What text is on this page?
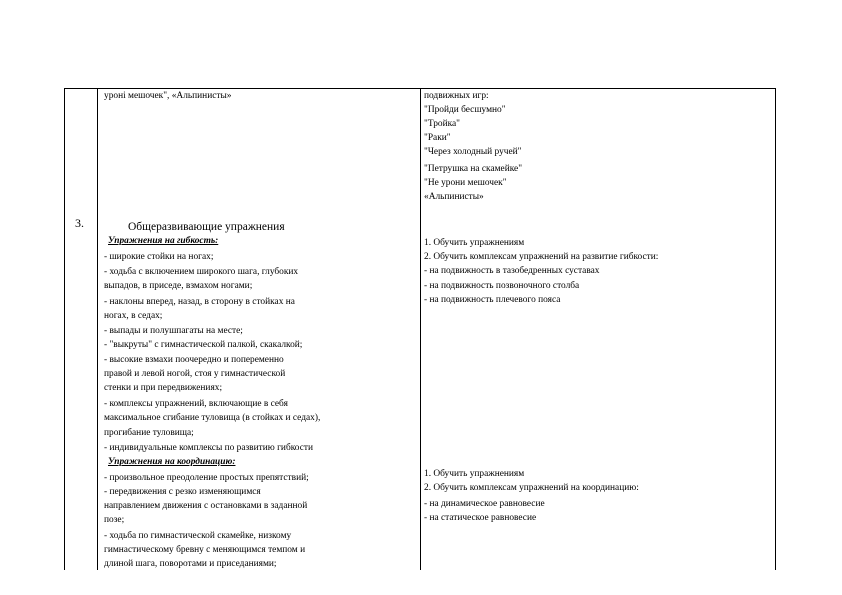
уроні мешочек", «Альпинисты»	подвижных игр:
"Пройди бесшумно"
"Тройка"
"Раки"
"Через холодный ручей"
"Петрушка на скамейке"
"Не урони мешочек"
«Альпинисты»
3.	Общеразвивающие упражнения
Упражнения на гибкость:
- широкие стойки на ногах;
- ходьба с включением широкого шага, глубоких
выпадов, в приседе, взмахом ногами;
- наклоны вперед, назад, в сторону в стойках на
ногах, в седах;
- выпады и полушпагаты на месте;
- "выкруты" с гимнастической палкой, скакалкой;
- высокие взмахи поочередно и попеременно
правой и левой ногой, стоя у гимнастической
стенки и при передвижениях;
- комплексы упражнений, включающие в себя
максимальное сгибание туловища (в стойках и седах),
прогибание туловища;
- индивидуальные комплексы по развитию гибкости
1. Обучить упражнениям
2. Обучить комплексам упражнений на развитие гибкости:
- на подвижность в тазобедренных суставах
- на подвижность позвоночного столба
- на подвижность плечевого пояса
Упражнения на координацию:
- произвольное преодоление простых препятствий;
- передвижения с резко изменяющимся
направлением движения с остановками в заданной
позе;
- ходьба по гимнастической скамейке, низкому
гимнастическому бревну с меняющимся темпом и
длиной шага, поворотами и приседаниями;
1. Обучить упражнениям
2. Обучить комплексам упражнений на координацию:
- на динамическое равновесие
- на статическое равновесие
